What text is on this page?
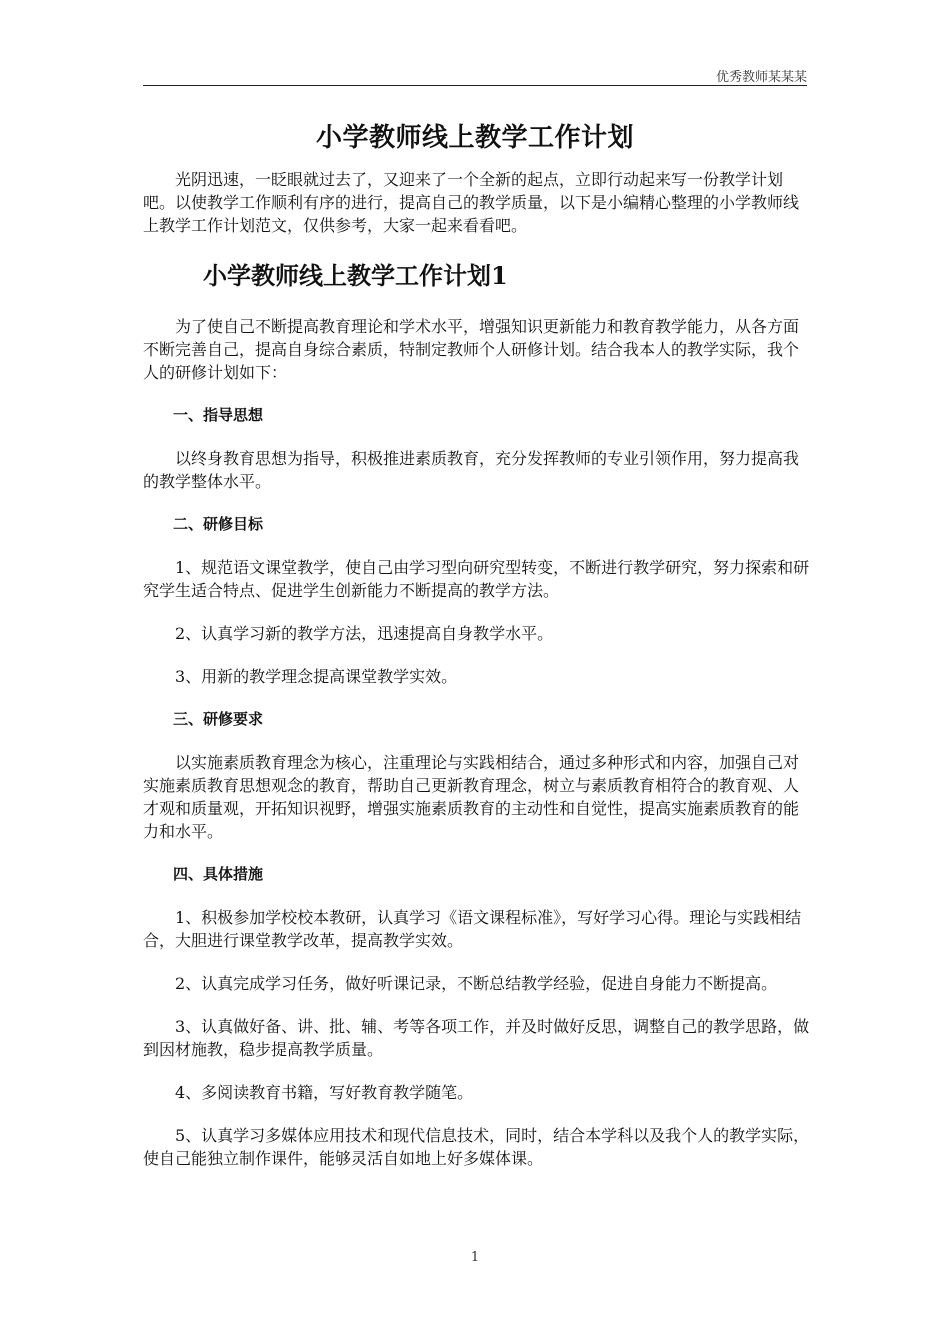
优秀教师某某某
小学教师线上教学工作计划

光阴迅速，一眨眼就过去了，又迎来了一个全新的起点，立即行动起来写一份教学计划吧。以使教学工作顺利有序的进行，提高自己的教学质量，以下是小编精心整理的小学教师线上教学工作计划范文，仅供参考，大家一起来看看吧。

小学教师线上教学工作计划1

为了使自己不断提高教育理论和学术水平，增强知识更新能力和教育教学能力，从各方面不断完善自己，提高自身综合素质，特制定教师个人研修计划。结合我本人的教学实际，我个人的研修计划如下：

一、指导思想

以终身教育思想为指导，积极推进素质教育，充分发挥教师的专业引领作用，努力提高我的教学整体水平。

二、研修目标

1、规范语文课堂教学，使自己由学习型向研究型转变，不断进行教学研究，努力探索和研究学生适合特点、促进学生创新能力不断提高的教学方法。

2、认真学习新的教学方法，迅速提高自身教学水平。

3、用新的教学理念提高课堂教学实效。

三、研修要求

以实施素质教育理念为核心，注重理论与实践相结合，通过多种形式和内容，加强自己对实施素质教育思想观念的教育，帮助自己更新教育理念，树立与素质教育相符合的教育观、人才观和质量观，开拓知识视野，增强实施素质教育的主动性和自觉性，提高实施素质教育的能力和水平。

四、具体措施

1、积极参加学校校本教研，认真学习《语文课程标准》，写好学习心得。理论与实践相结合，大胆进行课堂教学改革，提高教学实效。

2、认真完成学习任务，做好听课记录，不断总结教学经验，促进自身能力不断提高。

3、认真做好备、讲、批、辅、考等各项工作，并及时做好反思，调整自己的教学思路，做到因材施教，稳步提高教学质量。

4、多阅读教育书籍，写好教育教学随笔。

5、认真学习多媒体应用技术和现代信息技术，同时，结合本学科以及我个人的教学实际，使自己能独立制作课件，能够灵活自如地上好多媒体课。

1
